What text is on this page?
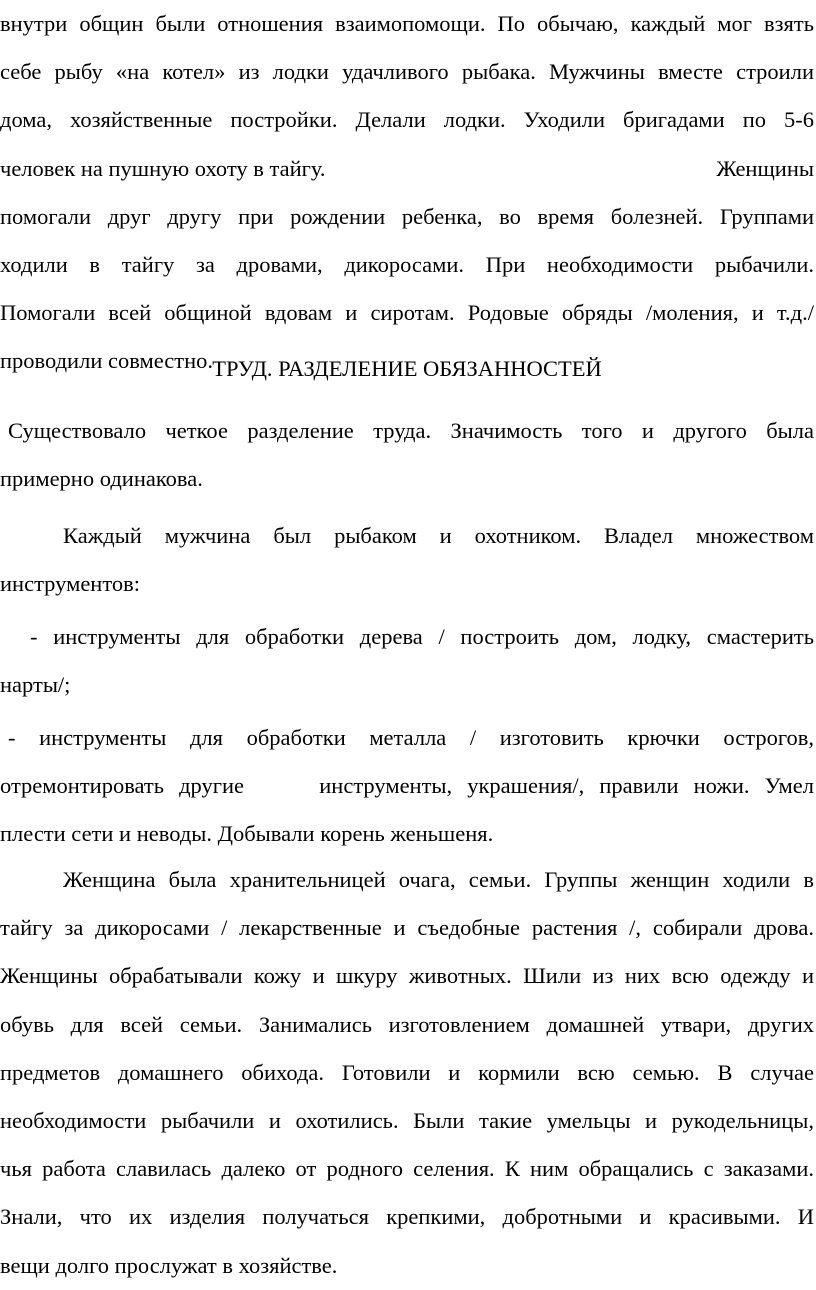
внутри общин были отношения взаимопомощи. По обычаю, каждый мог взять
себе рыбу «на котел» из лодки удачливого рыбака. Мужчины вместе строили
дома, хозяйственные постройки. Делали лодки. Уходили бригадами по 5-6
человек на пушную охоту в тайгу.	Женщины
помогали друг другу при рождении ребенка, во время болезней. Группами
ходили в тайгу за дровами, дикоросами. При необходимости рыбачили.
Помогали всей общиной вдовам и сиротам. Родовые обряды /моления, и т.д./
проводили совместно. ТРУД. РАЗДЕЛЕНИЕ ОБЯЗАННОСТЕЙ
Существовало четкое разделение труда. Значимость того и другого была
примерно одинакова.
Каждый мужчина был рыбаком и охотником. Владел множеством
инструментов:
- инструменты для обработки дерева / построить дом, лодку, смастерить
нарты/;
- инструменты для обработки металла / изготовить крючки острогов,
отремонтировать другие     инструменты, украшения/, правили ножи. Умел
плести сети и неводы. Добывали корень женьшеня.
Женщина была хранительницей очага, семьи. Группы женщин ходили в
тайгу за дикоросами / лекарственные и съедобные растения /, собирали дрова.
Женщины обрабатывали кожу и шкуру животных. Шили из них всю одежду и
обувь для всей семьи. Занимались изготовлением домашней утвари, других
предметов домашнего обихода. Готовили и кормили всю семью. В случае
необходимости рыбачили и охотились. Были такие умельцы и рукодельницы,
чья работа славилась далеко от родного селения. К ним обращались с заказами.
Знали, что их изделия получаться крепкими, добротными и красивыми. И
вещи долго прослужат в хозяйстве.
